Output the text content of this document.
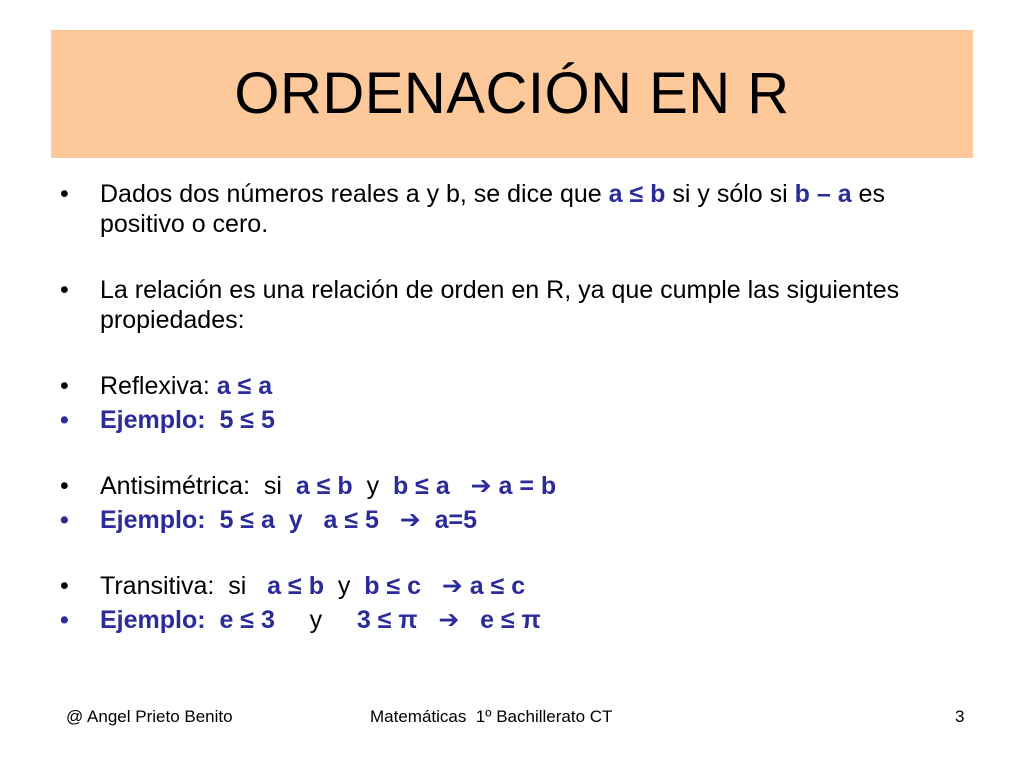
ORDENACIÓN EN R
•	Dados dos números reales a y b, se dice que a ≤ b si y sólo si b – a es positivo o cero.
•	La relación es una relación de orden en R, ya que cumple las siguientes propiedades:
•	Reflexiva: a ≤ a
•	Ejemplo:  5 ≤ 5
•	Antisimétrica:  si  a ≤ b  y  b ≤ a   ➔ a = b
•	Ejemplo:  5 ≤ a  y   a ≤ 5   ➔  a=5
•	Transitiva:  si   a ≤ b  y  b ≤ c   ➔ a ≤ c
•	Ejemplo:  e ≤ 3     y     3 ≤ π   ➔   e ≤ π
@ Angel Prieto Benito	Matemáticas  1º Bachillerato CT	3
